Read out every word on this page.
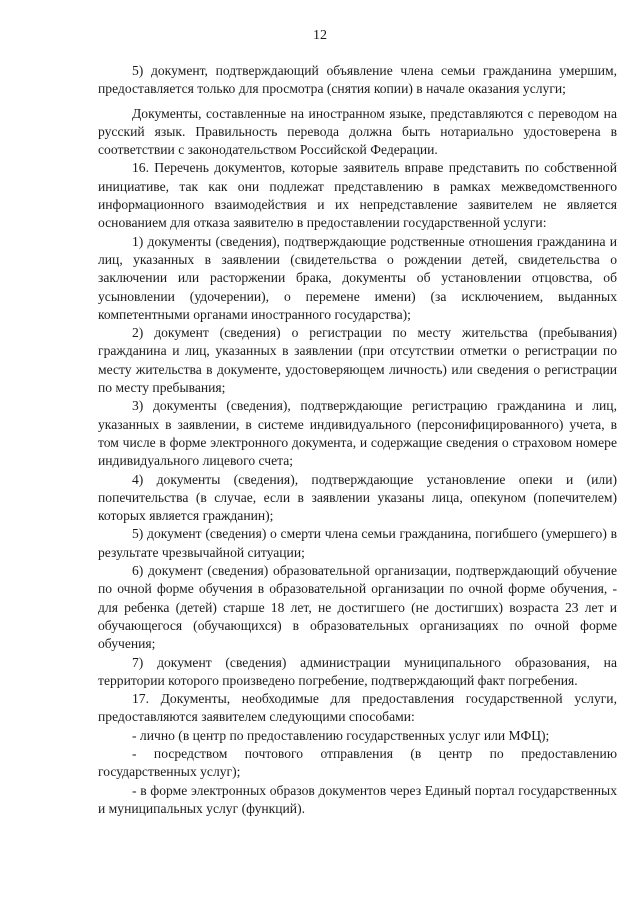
12

5) документ, подтверждающий объявление члена семьи гражданина умершим, предоставляется только для просмотра (снятия копии) в начале оказания услуги;

Документы, составленные на иностранном языке, представляются с переводом на русский язык. Правильность перевода должна быть нотариально удостоверена в соответствии с законодательством Российской Федерации.

16. Перечень документов, которые заявитель вправе представить по собственной инициативе, так как они подлежат представлению в рамках межведомственного информационного взаимодействия и их непредставление заявителем не является основанием для отказа заявителю в предоставлении государственной услуги:

1) документы (сведения), подтверждающие родственные отношения гражданина и лиц, указанных в заявлении (свидетельства о рождении детей, свидетельства о заключении или расторжении брака, документы об установлении отцовства, об усыновлении (удочерении), о перемене имени) (за исключением, выданных компетентными органами иностранного государства);

2) документ (сведения) о регистрации по месту жительства (пребывания) гражданина и лиц, указанных в заявлении (при отсутствии отметки о регистрации по месту жительства в документе, удостоверяющем личность) или сведения о регистрации по месту пребывания;

3) документы (сведения), подтверждающие регистрацию гражданина и лиц, указанных в заявлении, в системе индивидуального (персонифицированного) учета, в том числе в форме электронного документа, и содержащие сведения о страховом номере индивидуального лицевого счета;

4) документы (сведения), подтверждающие установление опеки и (или) попечительства (в случае, если в заявлении указаны лица, опекуном (попечителем) которых является гражданин);

5) документ (сведения) о смерти члена семьи гражданина, погибшего (умершего) в результате чрезвычайной ситуации;

6) документ (сведения) образовательной организации, подтверждающий обучение по очной форме обучения в образовательной организации по очной форме обучения, - для ребенка (детей) старше 18 лет, не достигшего (не достигших) возраста 23 лет и обучающегося (обучающихся) в образовательных организациях по очной форме обучения;

7) документ (сведения) администрации муниципального образования, на территории которого произведено погребение, подтверждающий факт погребения.

17. Документы, необходимые для предоставления государственной услуги, предоставляются заявителем следующими способами:

- лично (в центр по предоставлению государственных услуг или МФЦ);

- посредством почтового отправления (в центр по предоставлению государственных услуг);

- в форме электронных образов документов через Единый портал государственных и муниципальных услуг (функций).
